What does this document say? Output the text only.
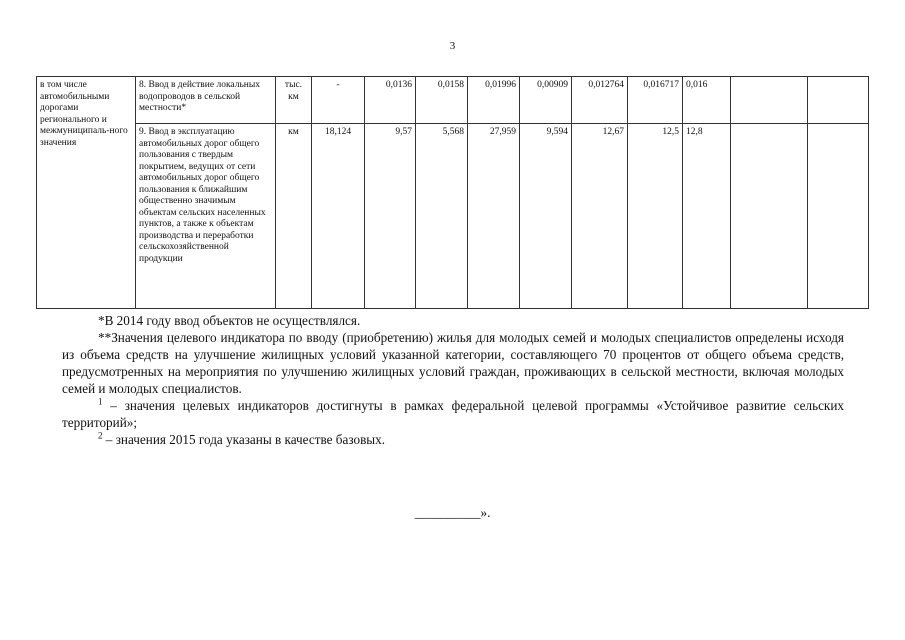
3
в том числе автомобильными дорогами регионального и межмуниципаль-ного значения	8. Ввод в действие локальных водопроводов в сельской местности*	тыс. км	-	0,0136	0,0158	0,01996	0,00909	0,012764	0,016717	0,016		
	9. Ввод в эксплуатацию автомобильных дорог общего пользования с твердым покрытием, ведущих от сети автомобильных дорог общего пользования к ближайшим общественно значимым объектам сельских населенных пунктов, а также к объектам производства и переработки сельскохозяйственной продукции	км	18,124	9,57	5,568	27,959	9,594	12,67	12,5	12,8		

*В 2014 году ввод объектов не осуществлялся.

**Значения целевого индикатора по вводу (приобретению) жилья для молодых семей и молодых специалистов определены исходя из объема средств на улучшение жилищных условий указанной категории, составляющего 70 процентов от общего объема средств, предусмотренных на мероприятия по улучшению жилищных условий граждан, проживающих в сельской местности, включая молодых семей и молодых специалистов.

$^1$ – значения целевых индикаторов достигнуты в рамках федеральной целевой программы «Устойчивое развитие сельских территорий»;

$^2$ – значения 2015 года указаны в качестве базовых.

__________».
